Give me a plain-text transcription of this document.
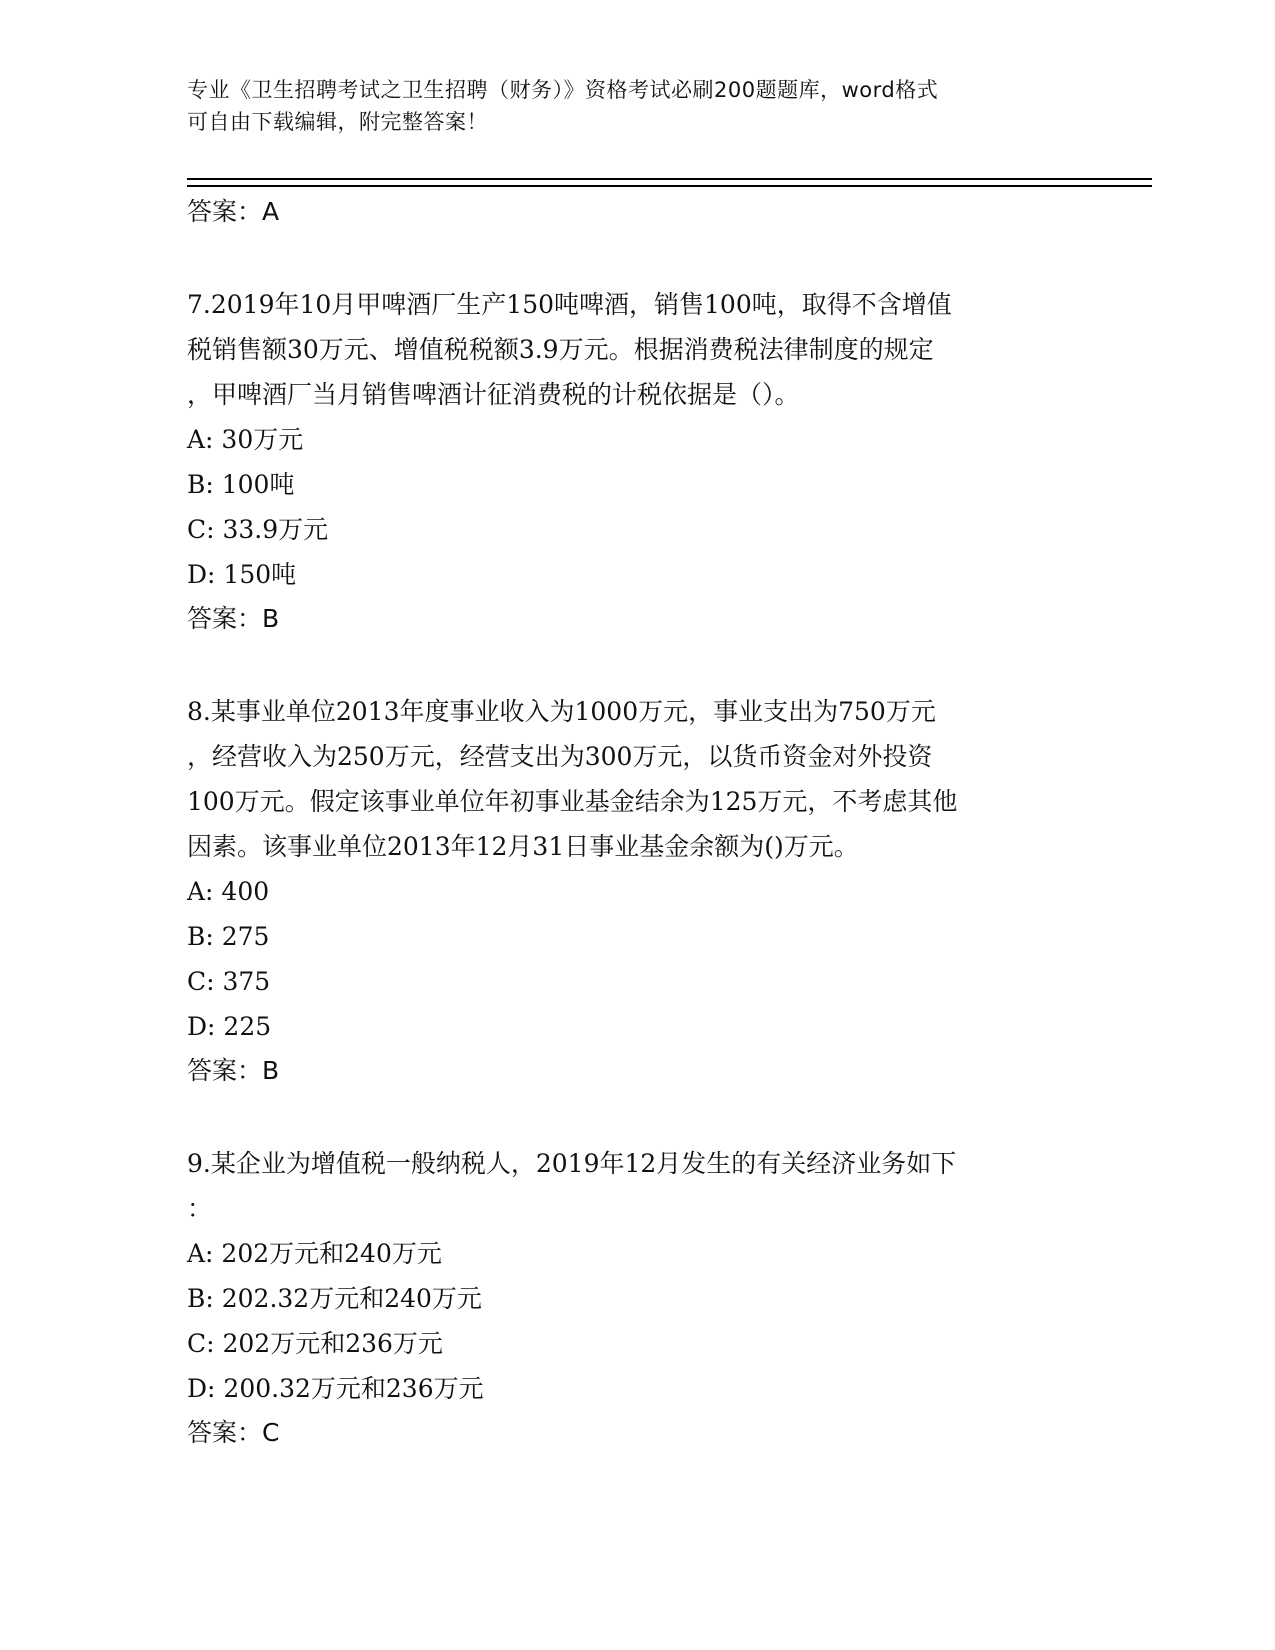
专业《卫生招聘考试之卫生招聘（财务）》资格考试必刷200题题库，word格式
可自由下载编辑，附完整答案！
答案：A
7.2019年10月甲啤酒厂生产150吨啤酒，销售100吨，取得不含增值
税销售额30万元、增值税税额3.9万元。根据消费税法律制度的规定
，甲啤酒厂当月销售啤酒计征消费税的计税依据是（）。
A: 30万元
B: 100吨
C: 33.9万元
D: 150吨
答案：B
8.某事业单位2013年度事业收入为1000万元，事业支出为750万元
，经营收入为250万元，经营支出为300万元，以货币资金对外投资
100万元。假定该事业单位年初事业基金结余为125万元，不考虑其他
因素。该事业单位2013年12月31日事业基金余额为()万元。
A: 400
B: 275
C: 375
D: 225
答案：B
9.某企业为增值税一般纳税人，2019年12月发生的有关经济业务如下
：
A: 202万元和240万元
B: 202.32万元和240万元
C: 202万元和236万元
D: 200.32万元和236万元
答案：C
